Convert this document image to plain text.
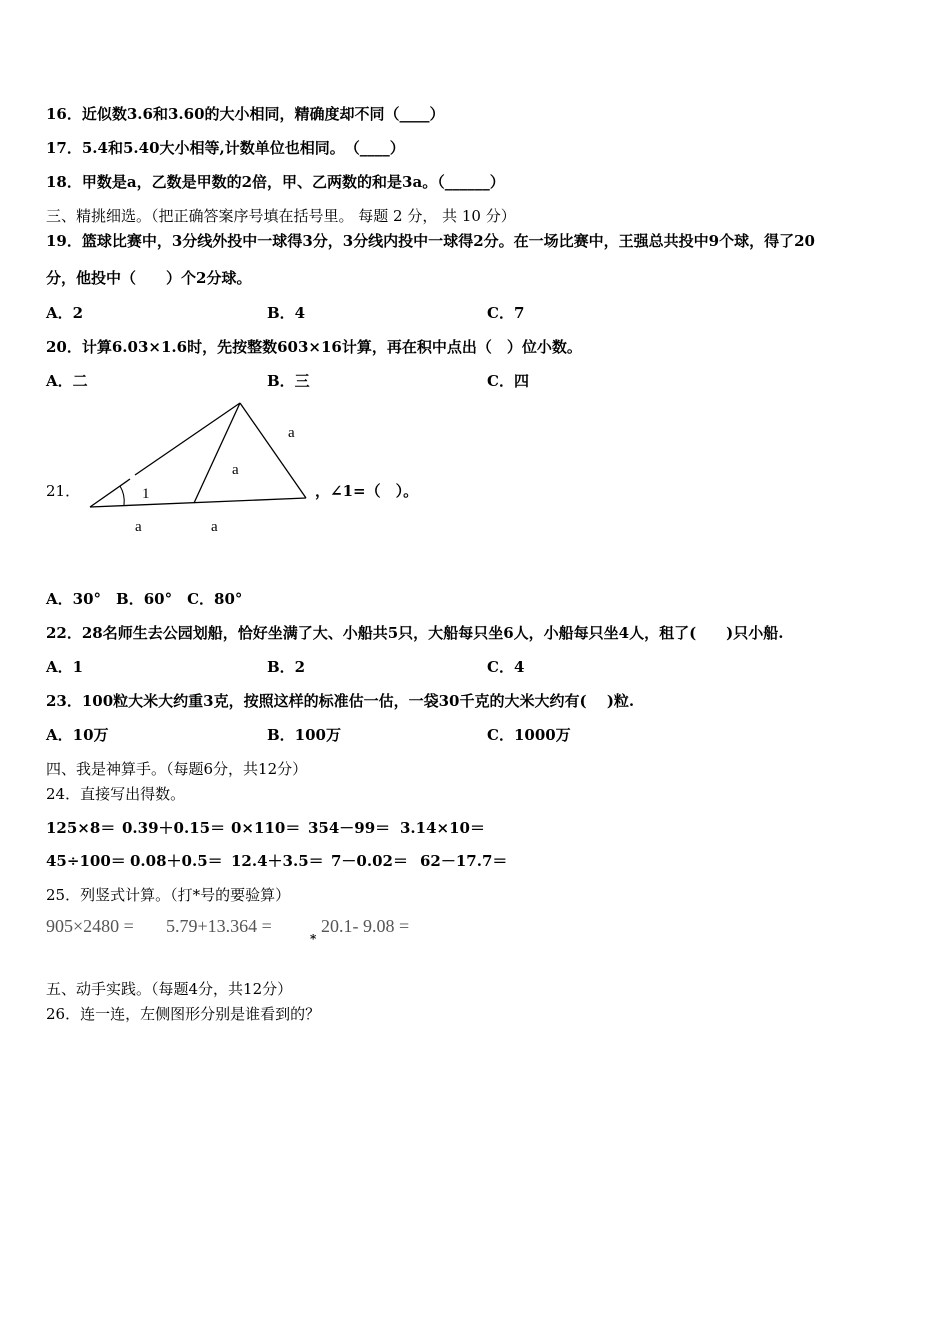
16．近似数3.6和3.60的大小相同，精确度却不同（____）
17．5.4和5.40大小相等,计数单位也相同。　（____）
18．甲数是a，乙数是甲数的2倍，甲、乙两数的和是3a。（______）
三、精挑细选。（把正确答案序号填在括号里。 每题 2 分， 共 10 分）
19．篮球比赛中，3分线外投中一球得3分，3分线内投中一球得2分。在一场比赛中，王强总共投中9个球，得了20
分，他投中（　　）个2分球。
A．2	B．4	C．7
20．计算6.03×1.6时，先按整数603×16计算，再在积中点出（　）位小数。
A．二	B．三	C．四
21．	1
a
a
a	a
，∠1=（　）。
A．30°　B．60°　C．80°
22．28名师生去公园划船，恰好坐满了大、小船共5只，大船每只坐6人，小船每只坐4人，租了(　　)只小船.
A．1	B．2	C．4
23．100粒大米大约重3克，按照这样的标准估一估，一袋30千克的大米大约有(　 )粒.
A．10万	B．100万	C．1000万
四、我是神算手。（每题6分，共12分）
24．直接写出得数。
125×8＝ 0.39＋0.15＝ 0×110＝ 354－99＝ 3.14×10＝
45÷100＝ 0.08＋0.5＝ 12.4＋3.5＝ 7－0.02＝ 62－17.7＝
25．列竖式计算。（打*号的要验算）
905×2480 = 5.79+13.364 =
*
20.1- 9.08 =
五、动手实践。（每题4分，共12分）
26．连一连，左侧图形分别是谁看到的？
